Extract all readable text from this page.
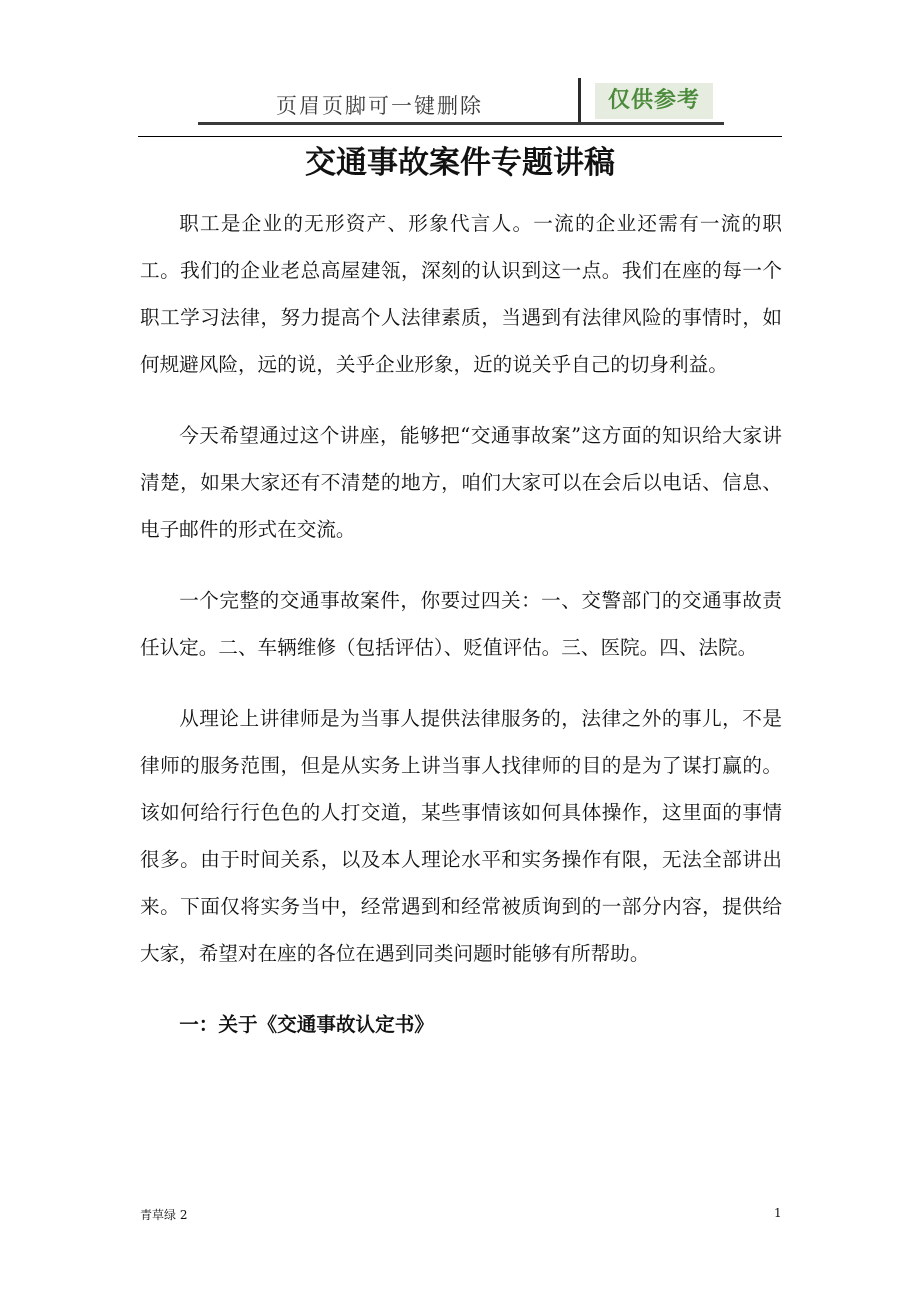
页眉页脚可一键删除	仅供参考
交通事故案件专题讲稿

职工是企业的无形资产、形象代言人。一流的企业还需有一流的职工。我们的企业老总高屋建瓴，深刻的认识到这一点。我们在座的每一个职工学习法律，努力提高个人法律素质，当遇到有法律风险的事情时，如何规避风险，远的说，关乎企业形象，近的说关乎自己的切身利益。

今天希望通过这个讲座，能够把“交通事故案”这方面的知识给大家讲清楚，如果大家还有不清楚的地方，咱们大家可以在会后以电话、信息、电子邮件的形式在交流。

一个完整的交通事故案件，你要过四关：一、交警部门的交通事故责任认定。二、车辆维修（包括评估）、贬值评估。三、医院。四、法院。

从理论上讲律师是为当事人提供法律服务的，法律之外的事儿，不是律师的服务范围，但是从实务上讲当事人找律师的目的是为了谋打赢的。该如何给行行色色的人打交道，某些事情该如何具体操作，这里面的事情很多。由于时间关系，以及本人理论水平和实务操作有限，无法全部讲出来。下面仅将实务当中，经常遇到和经常被质询到的一部分内容，提供给大家，希望对在座的各位在遇到同类问题时能够有所帮助。

一：关于《交通事故认定书》

青草绿 2	1
